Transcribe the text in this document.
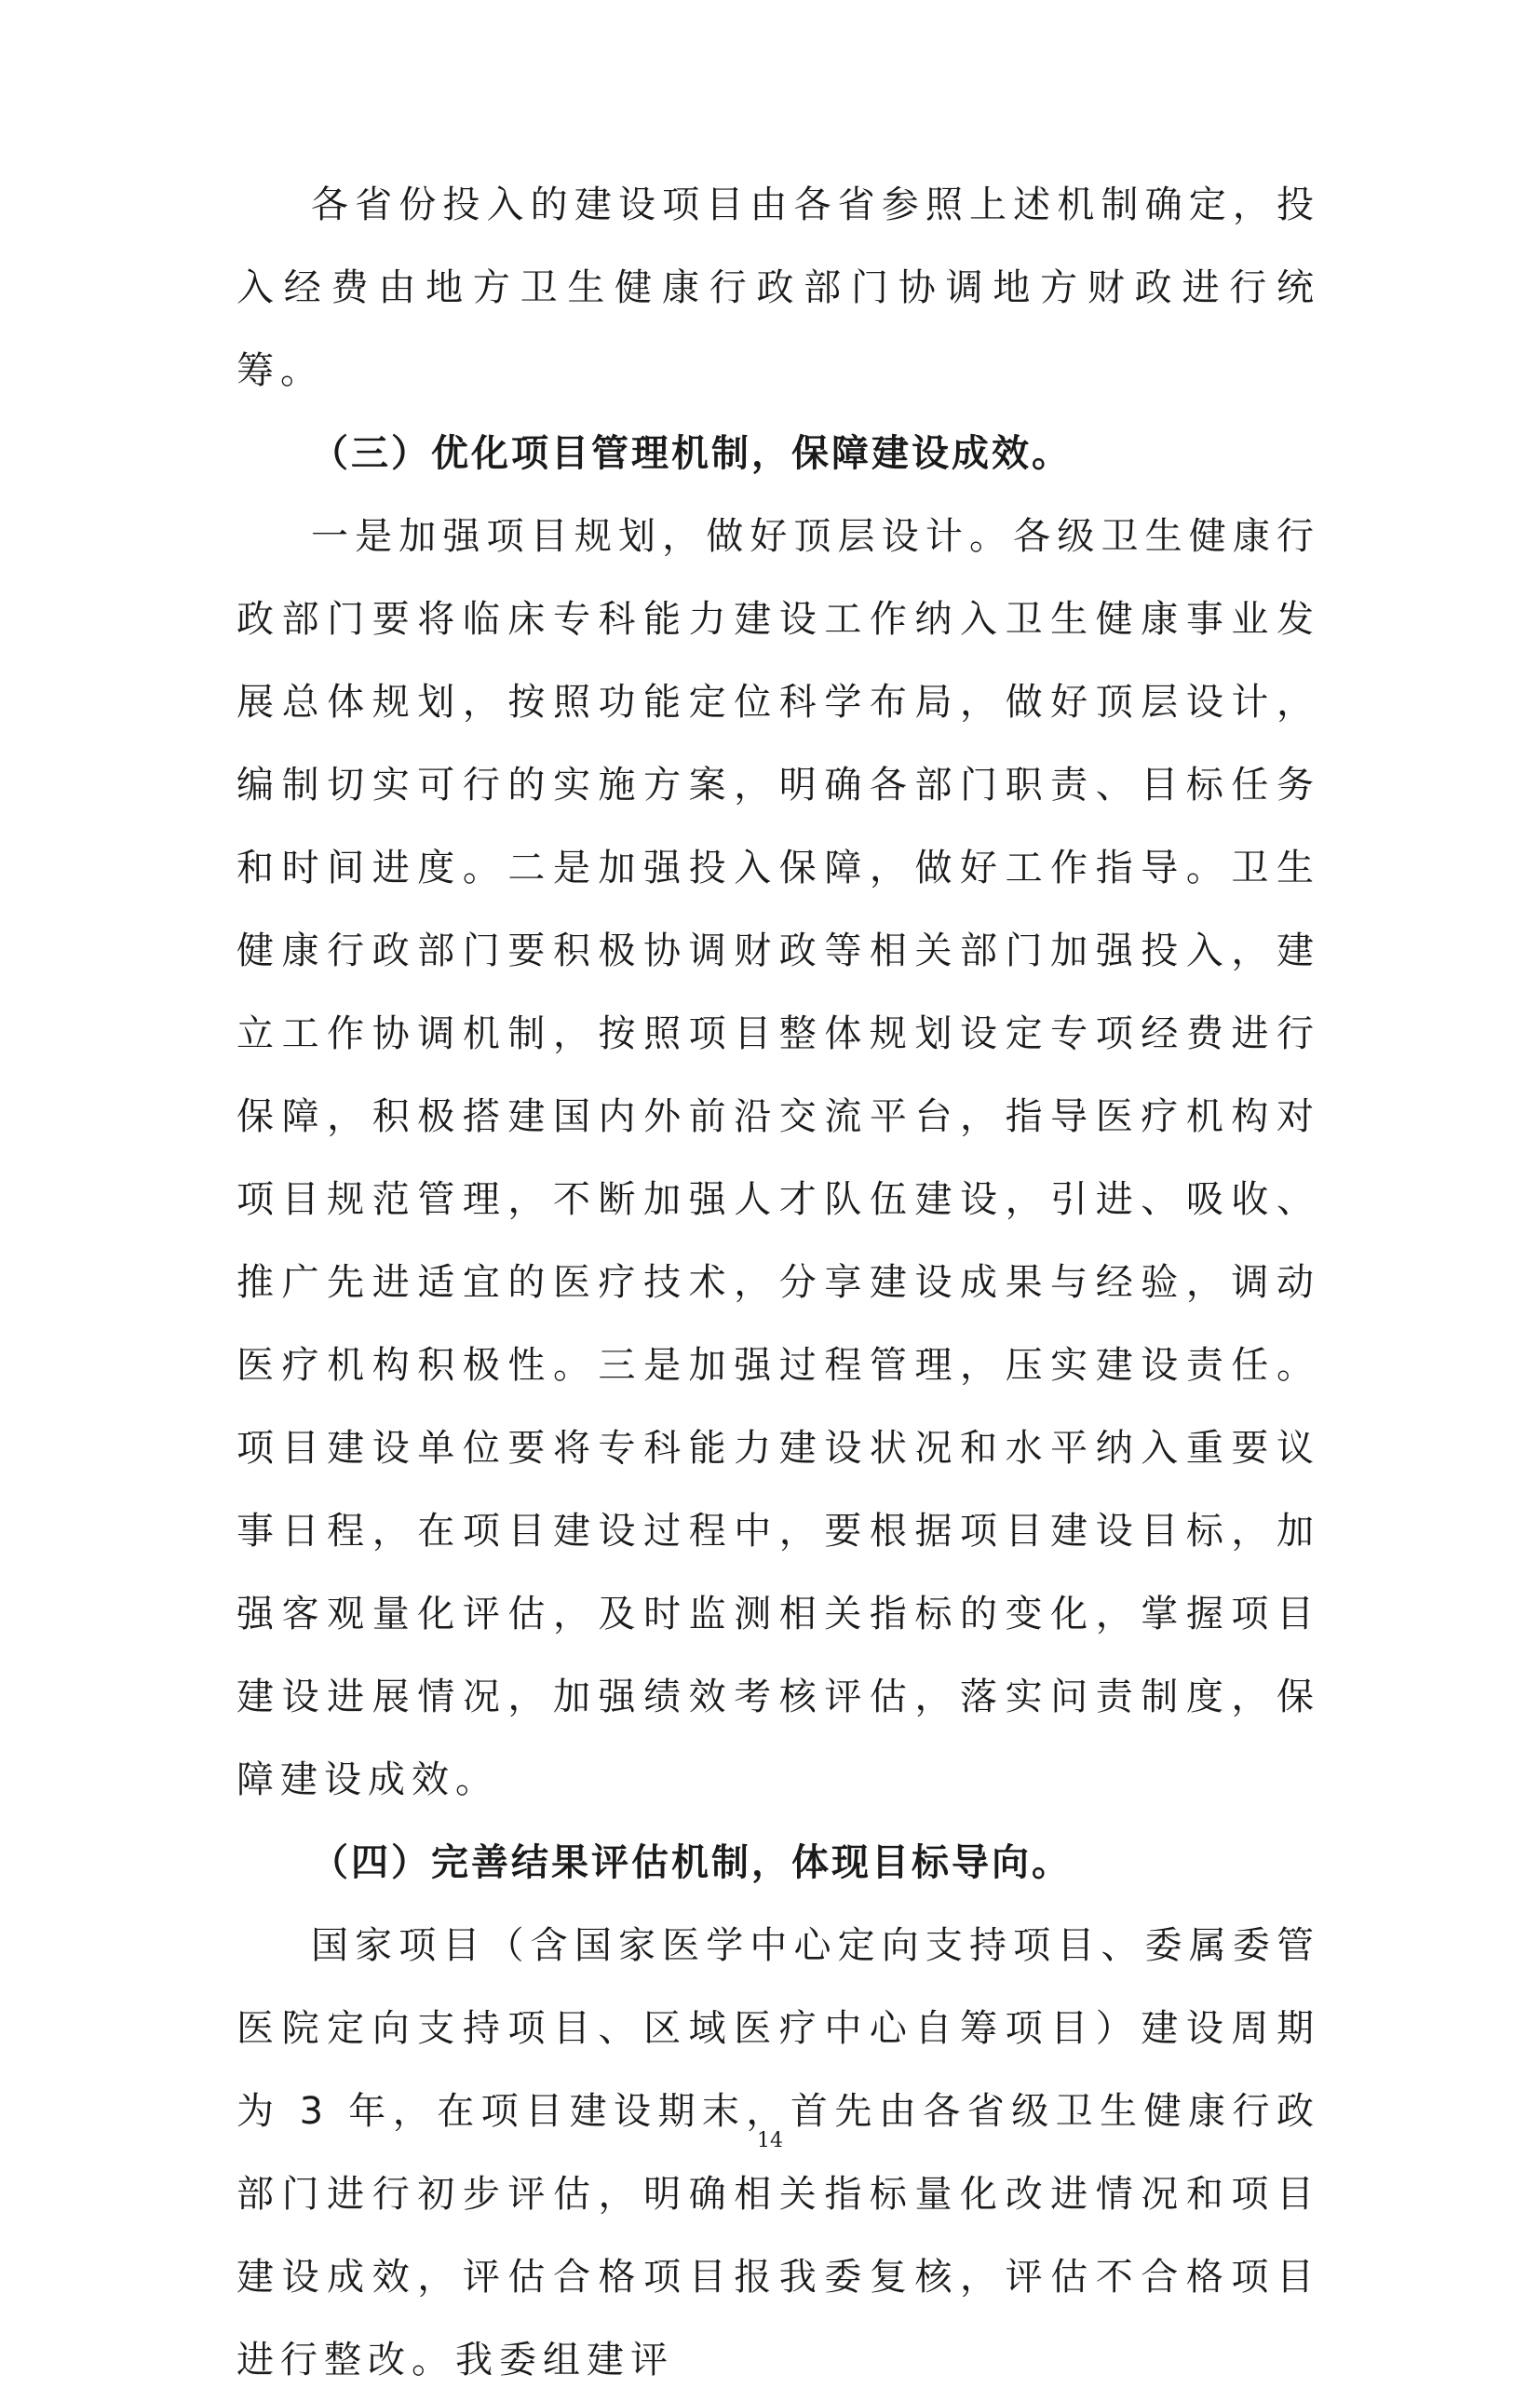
各省份投入的建设项目由各省参照上述机制确定，投入经费由地方卫生健康行政部门协调地方财政进行统筹。

（三）优化项目管理机制，保障建设成效。

一是加强项目规划，做好顶层设计。各级卫生健康行政部门要将临床专科能力建设工作纳入卫生健康事业发展总体规划，按照功能定位科学布局，做好顶层设计，编制切实可行的实施方案，明确各部门职责、目标任务和时间进度。二是加强投入保障，做好工作指导。卫生健康行政部门要积极协调财政等相关部门加强投入，建立工作协调机制，按照项目整体规划设定专项经费进行保障，积极搭建国内外前沿交流平台，指导医疗机构对项目规范管理，不断加强人才队伍建设，引进、吸收、推广先进适宜的医疗技术，分享建设成果与经验，调动医疗机构积极性。三是加强过程管理，压实建设责任。项目建设单位要将专科能力建设状况和水平纳入重要议事日程，在项目建设过程中，要根据项目建设目标，加强客观量化评估，及时监测相关指标的变化，掌握项目建设进展情况，加强绩效考核评估，落实问责制度，保障建设成效。

（四）完善结果评估机制，体现目标导向。

国家项目（含国家医学中心定向支持项目、委属委管医院定向支持项目、区域医疗中心自筹项目）建设周期为 3 年，在项目建设期末，首先由各省级卫生健康行政部门进行初步评估，明确相关指标量化改进情况和项目建设成效，评估合格项目报我委复核，评估不合格项目进行整改。我委组建评

14
